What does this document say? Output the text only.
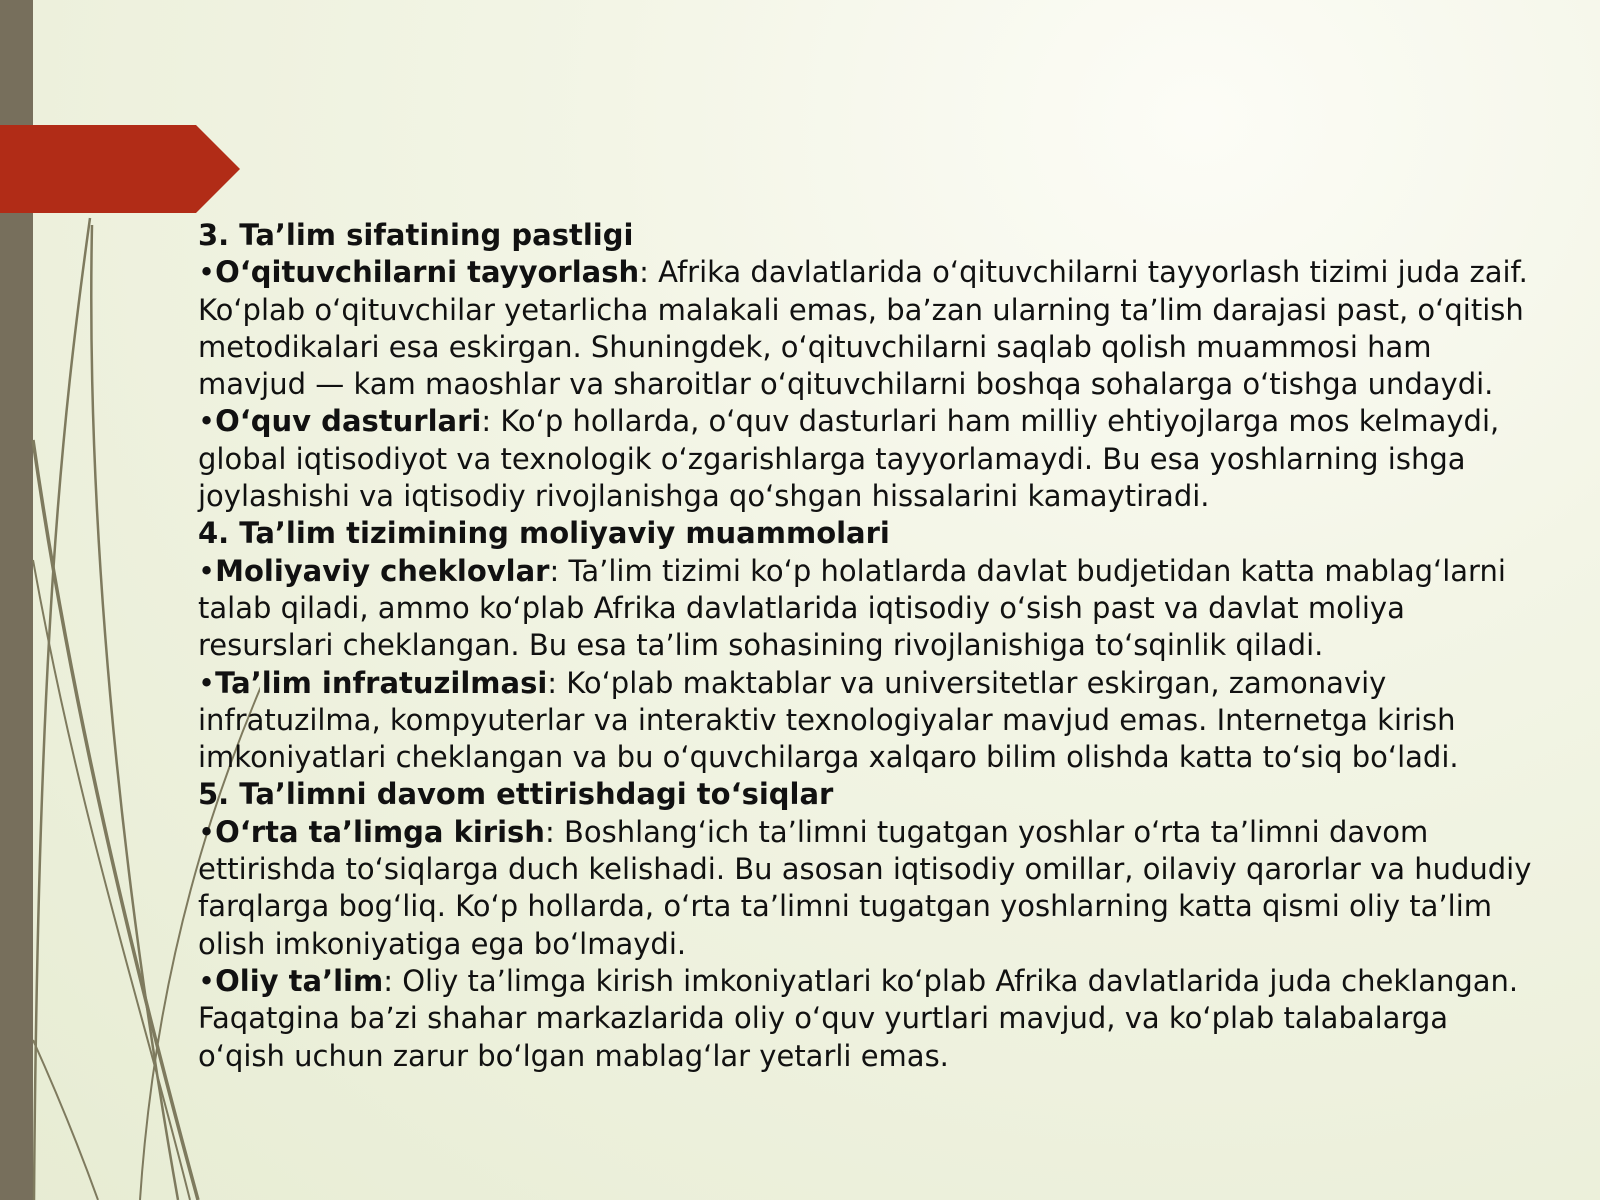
3. Ta’lim sifatining pastligi

•O‘qituvchilarni tayyorlash: Afrika davlatlarida o‘qituvchilarni tayyorlash tizimi juda zaif. Ko‘plab o‘qituvchilar yetarlicha malakali emas, ba’zan ularning ta’lim darajasi past, o‘qitish metodikalari esa eskirgan. Shuningdek, o‘qituvchilarni saqlab qolish muammosi ham mavjud — kam maoshlar va sharoitlar o‘qituvchilarni boshqa sohalarga o‘tishga undaydi.

•O‘quv dasturlari: Ko‘p hollarda, o‘quv dasturlari ham milliy ehtiyojlarga mos kelmaydi, global iqtisodiyot va texnologik o‘zgarishlarga tayyorlamaydi. Bu esa yoshlarning ishga joylashishi va iqtisodiy rivojlanishga qo‘shgan hissalarini kamaytiradi.

4. Ta’lim tizimining moliyaviy muammolari

•Moliyaviy cheklovlar: Ta’lim tizimi ko‘p holatlarda davlat budjetidan katta mablag‘larni talab qiladi, ammo ko‘plab Afrika davlatlarida iqtisodiy o‘sish past va davlat moliya resurslari cheklangan. Bu esa ta’lim sohasining rivojlanishiga to‘sqinlik qiladi.

•Ta’lim infratuzilmasi: Ko‘plab maktablar va universitetlar eskirgan, zamonaviy infratuzilma, kompyuterlar va interaktiv texnologiyalar mavjud emas. Internetga kirish imkoniyatlari cheklangan va bu o‘quvchilarga xalqaro bilim olishda katta to‘siq bo‘ladi.

5. Ta’limni davom ettirishdagi to‘siqlar

•O‘rta ta’limga kirish: Boshlang‘ich ta’limni tugatgan yoshlar o‘rta ta’limni davom ettirishda to‘siqlarga duch kelishadi. Bu asosan iqtisodiy omillar, oilaviy qarorlar va hududiy farqlarga bog‘liq. Ko‘p hollarda, o‘rta ta’limni tugatgan yoshlarning katta qismi oliy ta’lim olish imkoniyatiga ega bo‘lmaydi.

•Oliy ta’lim: Oliy ta’limga kirish imkoniyatlari ko‘plab Afrika davlatlarida juda cheklangan. Faqatgina ba’zi shahar markazlarida oliy o‘quv yurtlari mavjud, va ko‘plab talabalarga o‘qish uchun zarur bo‘lgan mablag‘lar yetarli emas.
